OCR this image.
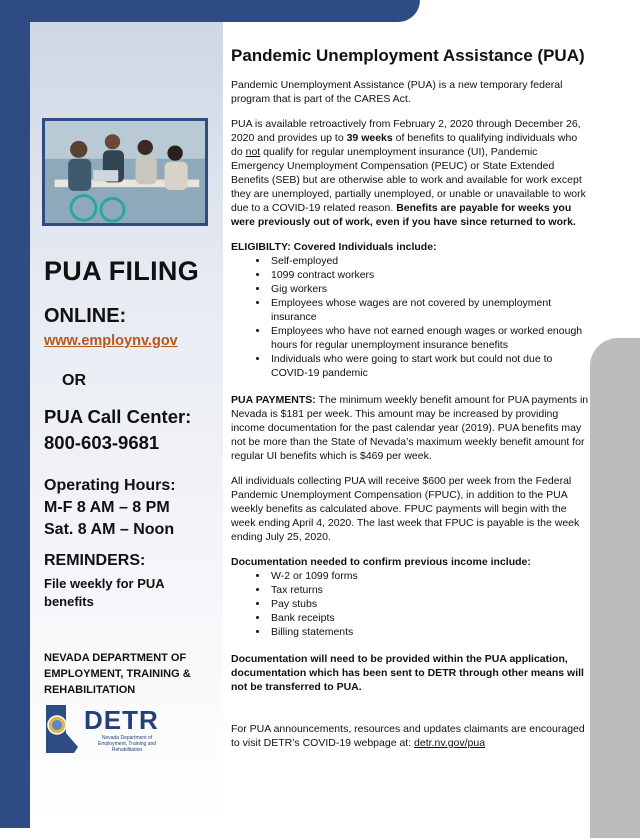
PUA FILING
ONLINE:
www.employnv.gov
OR
PUA Call Center:
800-603-9681
Operating Hours:
M-F 8 AM – 8 PM
Sat. 8 AM – Noon
REMINDERS:
File weekly for PUA benefits
NEVADA DEPARTMENT OF EMPLOYMENT, TRAINING & REHABILITATION
DETR
Nevada Department of Employment, Training and Rehabilitation
Pandemic Unemployment Assistance (PUA)

Pandemic Unemployment Assistance (PUA) is a new temporary federal program that is part of the CARES Act.

PUA is available retroactively from February 2, 2020 through December 26, 2020 and provides up to 39 weeks of benefits to qualifying individuals who do not qualify for regular unemployment insurance (UI), Pandemic Emergency Unemployment Compensation (PEUC) or State Extended Benefits (SEB) but are otherwise able to work and available for work except they are unemployed, partially unemployed, or unable or unavailable to work due to a COVID-19 related reason. Benefits are payable for weeks you were previously out of work, even if you have since returned to work.

ELIGIBILTY: Covered Individuals include:
• Self-employed
• 1099 contract workers
• Gig workers
• Employees whose wages are not covered by unemployment insurance
• Employees who have not earned enough wages or worked enough hours for regular unemployment insurance benefits
• Individuals who were going to start work but could not due to COVID-19 pandemic

PUA PAYMENTS: The minimum weekly benefit amount for PUA payments in Nevada is $181 per week. This amount may be increased by providing income documentation for the past calendar year (2019). PUA benefits may not be more than the State of Nevada’s maximum weekly benefit amount for regular UI benefits which is $469 per week.

All individuals collecting PUA will receive $600 per week from the Federal Pandemic Unemployment Compensation (FPUC), in addition to the PUA weekly benefits as calculated above. FPUC payments will begin with the week ending April 4, 2020. The last week that FPUC is payable is the week ending July 25, 2020.

Documentation needed to confirm previous income include:
• W-2 or 1099 forms
• Tax returns
• Pay stubs
• Bank receipts
• Billing statements

Documentation will need to be provided within the PUA application, documentation which has been sent to DETR through other means will not be transferred to PUA.

For PUA announcements, resources and updates claimants are encouraged to visit DETR’s COVID-19 webpage at: detr.nv.gov/pua
